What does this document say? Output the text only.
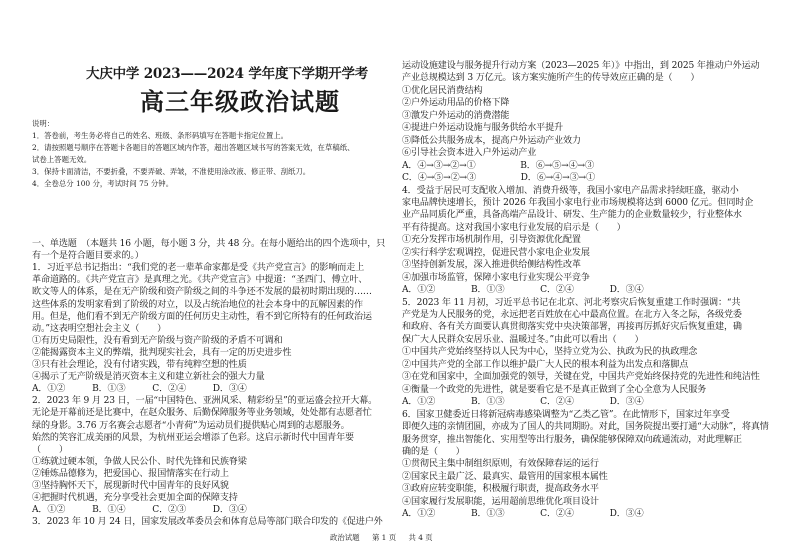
大庆中学 2023——2024 学年度下学期开学考
高三年级政治试题
说明：
1．答卷前，考生务必将自己的姓名、班级、条形码填写在答题卡指定位置上。
2．请按照题号顺序在答题卡各题目的答题区域内作答，超出答题区域书写的答案无效，在草稿纸、
试卷上答题无效。
3．保持卡面清洁，不要折叠，不要弄破、弄皱，不准使用涂改液、修正带、刮纸刀。
4．全卷总分 100 分，考试时间 75 分钟。
一、单选题　（本题共 16 小题，每小题 3 分，共 48 分。在每小题给出的四个选项中，只
有一个是符合题目要求的。）
1．习近平总书记指出：“我们党的老一辈革命家都是受《共产党宣言》的影响而走上
革命道路的。《共产党宣言》是真理之光。《共产党宣言》中提道：“圣西门、傅立叶、
欧文等人的体系，是在无产阶级和资产阶级之间的斗争还不发展的最初时期出现的……
这些体系的发明家看到了阶级的对立，以及占统治地位的社会本身中的瓦解因素的作
用。但是，他们看不到无产阶级方面的任何历史主动性，看不到它所特有的任何政治运
动。”这表明空想社会主义（　　）
①有历史局限性，没有看到无产阶级与资产阶级的矛盾不可调和
②能揭露资本主义的弊端，批判现实社会，具有一定的历史进步性
③只有社会理论，没有付诸实践，带有纯粹空想的性质
④揭示了无产阶级是消灭资本主义和建立新社会的强大力量
A．①②　　　B．①③　　　C．②④　　　D．③④
2．2023 年 9 月 23 日，一届“中国特色、亚洲风采、精彩纷呈”的亚运盛会拉开大幕。
无论是开幕前还是比赛中，在赵众服务、后勤保障服务等业务领域，处处都有志愿者忙
绿的身影。3.76 万名赛会志愿者“小青荷”为运动员们提供贴心周到的志愿服务。
始然的笑容汇成美丽的风景，为杭州亚运会增添了色彩。这启示新时代中国青年要
（　　）
①练就过硬本领，争做人民公仆、时代先锋和民族脊梁
②锤炼品德修为，把爱国心、报国情落实在行动上
③坚持胸怀天下，展现新时代中国青年的良好风貌
④把握时代机遇，充分享受社会更加全面的保障支持
A．①②　　　B．①④　　　C．②③　　　D．③④
3．2023 年 10 月 24 日，国家发展改革委员会和体育总局等部门联合印发的《促进户外
运动设施建设与服务提升行动方案（2023—2025 年）》中指出，到 2025 年推动户外运动
产业总规模达到 3 万亿元。该方案实施所产生的传导效应正确的是（　　）
①优化居民消费结构
②户外运动用品的价格下降
③激发户外运动的消费潜能
④提进户外运动设施与服务供给水平提升
⑤降低公共服务成本，提高户外运动产业效力
⑥引导社会资本进入户外运动产业
A．④→③→②→①　　　　　B．⑥→⑤→④→③
C．④→⑤→②→③　　　　　D．⑥→④→③→①
4．受益于居民可支配收入增加、消费升级等，我国小家电产品需求持续旺盛，驱动小
家电品牌快速增长，预计 2026 年我国小家电行业市场规模将达到 6000 亿元。但同时企
业产品同质化严重，具备高端产品设计、研发、生产能力的企业数量较少，行业整体水
平有待提高。这对我国小家电行业发展的启示是（　　）
①充分发挥市场机制作用，引导资源优化配置
②实行科学宏观调控，促进民营小家电企业发展
③坚持创新发展，深入推进供给侧结构性改革
④加强市场监管，保障小家电行业实现公平竞争
A．①②　　　　B．①③　　　　C．②④　　　　D．③④
5．2023 年 11 月初，习近平总书记在北京、河北考察灾后恢复重建工作时强调：“共
产党是为人民服务的党，永远把老百姓放在心中最高位置。在北方入冬之际，各级党委
和政府、各有关方面要认真贯彻落实党中央决策部署，再接再厉抓好灾后恢复重建，确
保广大人民群众安居乐业、温暖过冬。”由此可以看出（　　）
①中国共产党始终坚持以人民为中心，坚持立党为公、执政为民的执政理念
②中国共产党的全部工作以维护最广大人民的根本利益为出发点和落脚点
③在党和国家中，全面加强党的领导，关键在党，中国共产党始终保持党的先进性和纯洁性
④衡量一个政党的先进性，就是要看它是不是真正做到了全心全意为人民服务
A．①②　　　　B．①③　　　　C．②④　　　　D．③④
6．国家卫健委近日将新冠病毒感染调整为“乙类乙管”。在此情形下，国家过年享受
即便久违的亲情团圆，亦成为了国人的共同期盼。对此，国务院提出要打通“大动脉”，将真情
服务贯穿，推出智能化、实用型等出行服务，确保能够保障双向疏通流动，对此理解正
确的是（　　）
①贯彻民主集中制组织原则，有效保障春运的运行
②国家民主最广泛、最真实、最管用的国家根本属性
③政府应转变职能，积极履行职责，提高政务水平
④国家履行发展职能，运用超前思维优化项目设计
A．①②　　　　B．①③　　　　C．②④　　　　D．③④
政治试题 第 1 页 共 4 页
